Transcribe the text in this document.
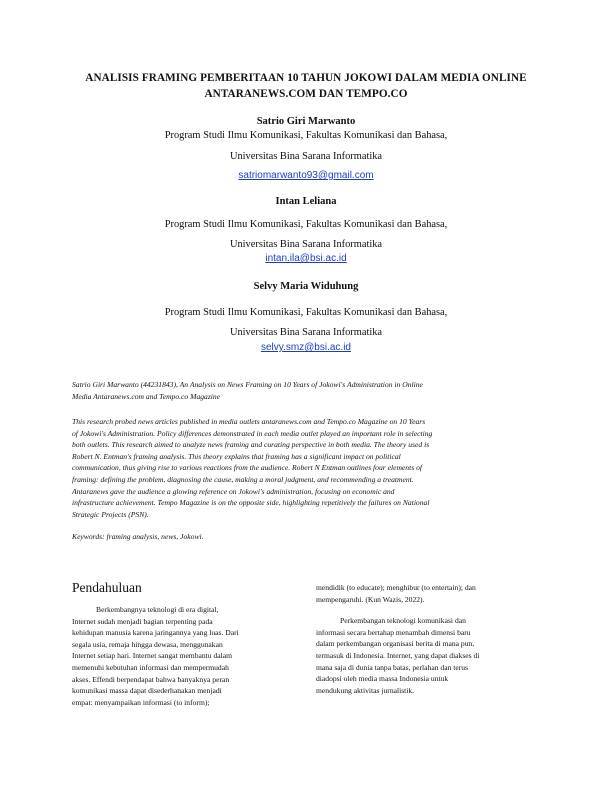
ANALISIS FRAMING PEMBERITAAN 10 TAHUN JOKOWI DALAM MEDIA ONLINE
ANTARANEWS.COM DAN TEMPO.CO
Satrio Giri Marwanto
Program Studi Ilmu Komunikasi, Fakultas Komunikasi dan Bahasa,
Universitas Bina Sarana Informatika
satriomarwanto93@gmail.com
Intan Leliana
Program Studi Ilmu Komunikasi, Fakultas Komunikasi dan Bahasa,
Universitas Bina Sarana Informatika
intan.ila@bsi.ac.id
Selvy Maria Widuhung
Program Studi Ilmu Komunikasi, Fakultas Komunikasi dan Bahasa,
Universitas Bina Sarana Informatika
selvy.smz@bsi.ac.id
Satrio Giri Marwanto (44231843), An Analysis on News Framing on 10 Years of Jokowi's Administration in Online
Media Antaranews.com and Tempo.co Magazine
This research probed news articles published in media outlets antaranews.com and Tempo.co Magazine on 10 Years
of Jokowi's Administration. Policy differences demonstrated in each media outlet played an important role in selecting
both outlets. This research aimed to analyze news framing and curating perspective in both media. The theory used is
Robert N. Entman's framing analysis. This theory explains that framing has a significant impact on political
communication, thus giving rise to various reactions from the audience. Robert N Entman outlines four elements of
framing: defining the problem, diagnosing the cause, making a moral judgment, and recommending a treatment.
Antaranews gave the audience a glowing reference on Jokowi's administration, focusing on economic and
infrastructure achievement. Tempo Magazine is on the opposite side, highlighting repetitively the failures on National
Strategic Projects (PSN).
Keywords: framing analysis, news, Jokowi.
Pendahuluan

Berkembangnya teknologi di era digital,

Internet sudah menjadi bagian terpenting pada

kehidupan manusia karena jaringannya yang luas. Dari

segala usia, remaja hingga dewasa, menggunakan

Internet setiap hari. Internet sangat membantu dalam

memenuhi kebutuhan informasi dan mempermudah

akses. Effendi berpendapat bahwa banyaknya peran

komunikasi massa dapat disederhanakan menjadi

empat: menyampaikan informasi (to inform);

mendidik (to educate); menghibur (to entertain); dan

mempengaruhi. (Kun Wazis, 2022).

Perkembangan teknologi komunikasi dan

informasi secara bertahap menambah dimensi baru

dalam perkembangan organisasi berita di mana pun,

termasuk di Indonesia. Internet, yang dapat diakses di

mana saja di dunia tanpa batas, perlahan dan terus

diadopsi oleh media massa Indonesia untuk

mendukung aktivitas jurnalistik.
